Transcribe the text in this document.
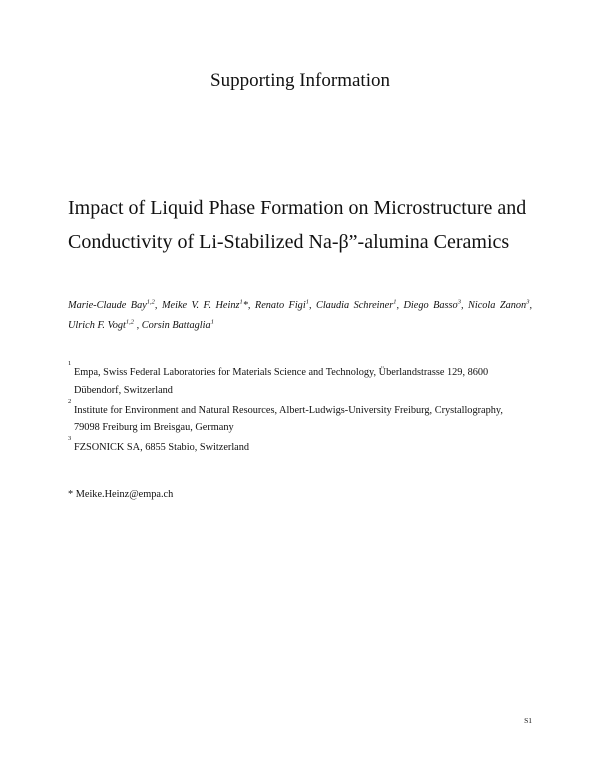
Supporting Information
Impact of Liquid Phase Formation on Microstructure and
Conductivity of Li-Stabilized Na-β”-alumina Ceramics
Marie-Claude Bay$^{1,2}$, Meike V. F. Heinz$^1$*, Renato Figi$^1$, Claudia Schreiner$^1$, Diego Basso$^3$, Nicola Zanon$^3$, Ulrich F. Vogt$^{1,2}$ , Corsin Battaglia$^1$
1
Empa, Swiss Federal Laboratories for Materials Science and Technology, Überlandstrasse 129, 8600
Dübendorf, Switzerland
2
Institute for Environment and Natural Resources, Albert-Ludwigs-University Freiburg, Crystallography,
79098 Freiburg im Breisgau, Germany
3
FZSONICK SA, 6855 Stabio, Switzerland
* Meike.Heinz@empa.ch
S1
